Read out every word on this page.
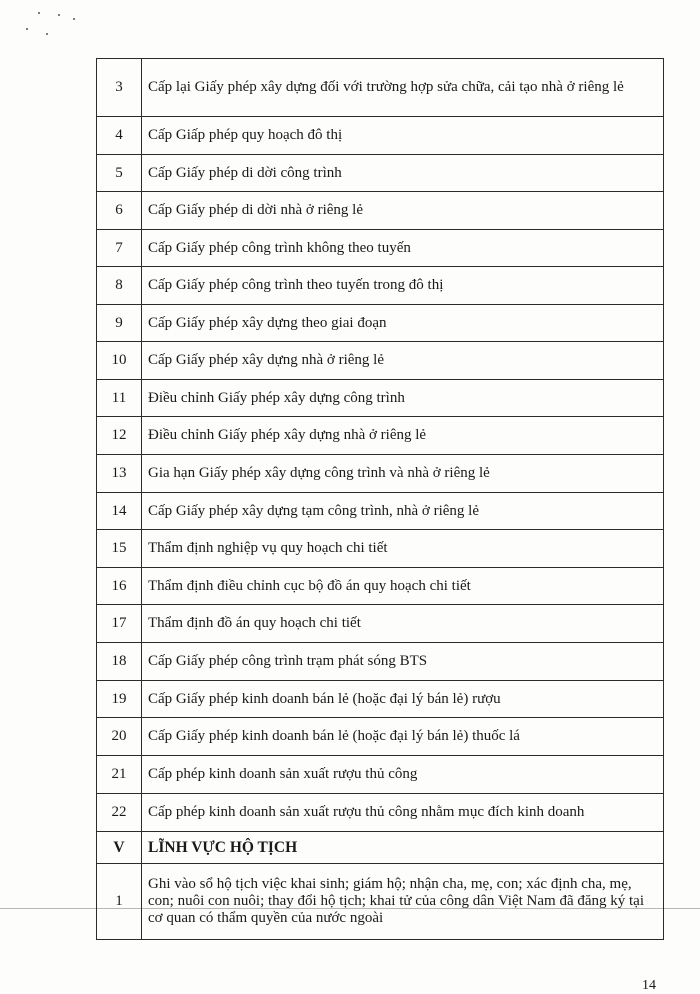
3	Cấp lại Giấy phép xây dựng đối với trường hợp sửa chữa, cải tạo nhà ở riêng lẻ
4	Cấp Giấp phép quy hoạch đô thị
5	Cấp Giấy phép di dời công trình
6	Cấp Giấy phép di dời nhà ở riêng lẻ
7	Cấp Giấy phép công trình không theo tuyến
8	Cấp Giấy phép công trình theo tuyến trong đô thị
9	Cấp Giấy phép xây dựng theo giai đoạn
10	Cấp Giấy phép xây dựng nhà ở riêng lẻ
11	Điều chỉnh Giấy phép xây dựng công trình
12	Điều chỉnh Giấy phép xây dựng nhà ở riêng lẻ
13	Gia hạn Giấy phép xây dựng công trình và nhà ở riêng lẻ
14	Cấp Giấy phép xây dựng tạm công trình, nhà ở riêng lẻ
15	Thẩm định nghiệp vụ quy hoạch chi tiết
16	Thẩm định điều chỉnh cục bộ đồ án quy hoạch chi tiết
17	Thẩm định đồ án quy hoạch chi tiết
18	Cấp Giấy phép công trình trạm phát sóng BTS
19	Cấp Giấy phép kinh doanh bán lẻ (hoặc đại lý bán lẻ) rượu
20	Cấp Giấy phép kinh doanh bán lẻ (hoặc đại lý bán lẻ) thuốc lá
21	Cấp phép kinh doanh sản xuất rượu thủ công
22	Cấp phép kinh doanh sản xuất rượu thủ công nhằm mục đích kinh doanh
V	LĨNH VỰC HỘ TỊCH
1	Ghi vào sổ hộ tịch việc khai sinh; giám hộ; nhận cha, mẹ, con; xác định cha, mẹ, con; nuôi con nuôi; thay đổi hộ tịch; khai tử của công dân Việt Nam đã đăng ký tại cơ quan có thẩm quyền của nước ngoài
14
